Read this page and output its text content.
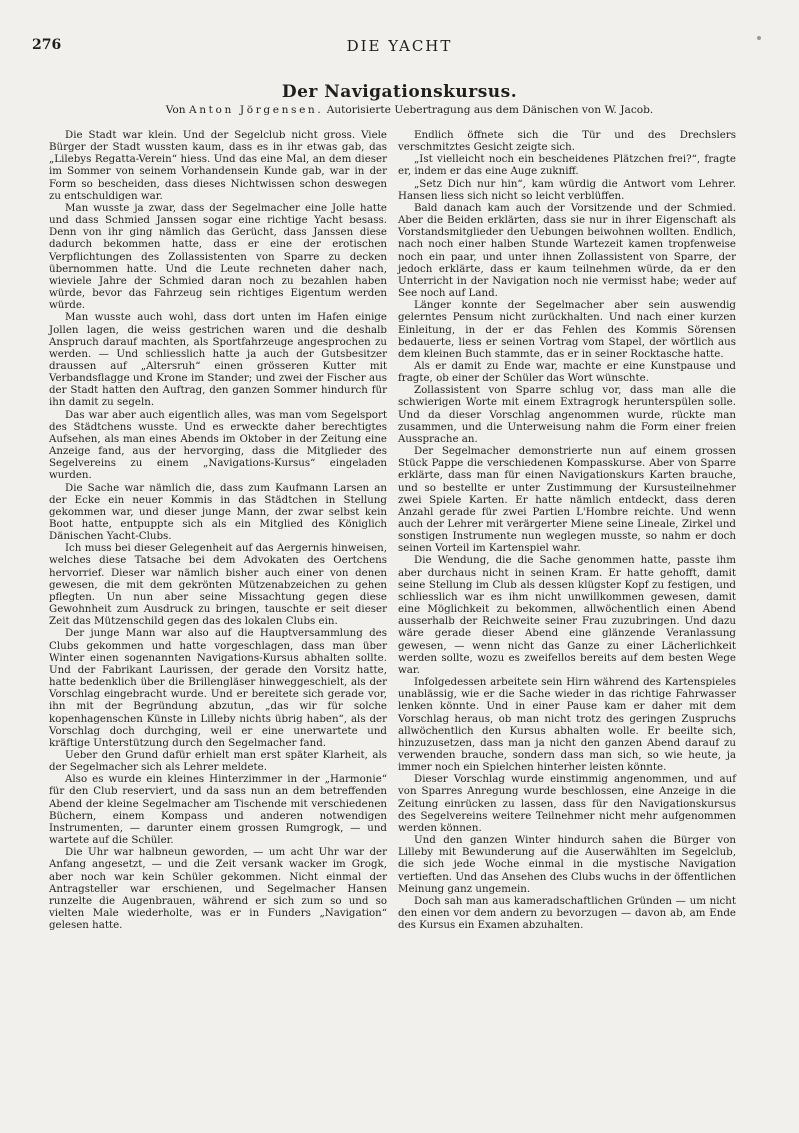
276	DIE YACHT
Der Navigationskursus.
Von Anton Jörgensen. Autorisierte Uebertragung aus dem Dänischen von W. Jacob.

Die Stadt war klein. Und der Segelclub nicht gross. Viele Bürger der Stadt wussten kaum, dass es in ihr etwas gab, das „Lilebys Regatta-Verein“ hiess. Und das eine Mal, an dem dieser im Sommer von seinem Vorhandensein Kunde gab, war in der Form so bescheiden, dass dieses Nichtwissen schon deswegen zu entschuldigen war.

Man wusste ja zwar, dass der Segelmacher eine Jolle hatte und dass Schmied Janssen sogar eine richtige Yacht besass. Denn von ihr ging nämlich das Gerücht, dass Janssen diese dadurch bekommen hatte, dass er eine der erotischen Verpflichtungen des Zollassistenten von Sparre zu decken übernommen hatte. Und die Leute rechneten daher nach, wieviele Jahre der Schmied daran noch zu bezahlen haben würde, bevor das Fahrzeug sein richtiges Eigentum werden würde.

Man wusste auch wohl, dass dort unten im Hafen einige Jollen lagen, die weiss gestrichen waren und die deshalb Anspruch darauf machten, als Sportfahrzeuge angesprochen zu werden. — Und schliesslich hatte ja auch der Gutsbesitzer draussen auf „Altersruh“ einen grösseren Kutter mit Verbandsflagge und Krone im Stander; und zwei der Fischer aus der Stadt hatten den Auftrag, den ganzen Sommer hindurch für ihn damit zu segeln.

Das war aber auch eigentlich alles, was man vom Segelsport des Städtchens wusste. Und es erweckte daher berechtigtes Aufsehen, als man eines Abends im Oktober in der Zeitung eine Anzeige fand, aus der hervorging, dass die Mitglieder des Segelvereins zu einem „Navigations-Kursus“ eingeladen wurden.

Die Sache war nämlich die, dass zum Kaufmann Larsen an der Ecke ein neuer Kommis in das Städtchen in Stellung gekommen war, und dieser junge Mann, der zwar selbst kein Boot hatte, entpuppte sich als ein Mitglied des Königlich Dänischen Yacht-Clubs.

Ich muss bei dieser Gelegenheit auf das Aergernis hinweisen, welches diese Tatsache bei dem Advokaten des Oertchens hervorrief. Dieser war nämlich bisher auch einer von denen gewesen, die mit dem gekrönten Mützenabzeichen zu gehen pflegten. Un nun aber seine Missachtung gegen diese Gewohnheit zum Ausdruck zu bringen, tauschte er seit dieser Zeit das Mützenschild gegen das des lokalen Clubs ein.

Der junge Mann war also auf die Hauptversammlung des Clubs gekommen und hatte vorgeschlagen, dass man über Winter einen sogenannten Navigations-Kursus abhalten sollte. Und der Fabrikant Laurissen, der gerade den Vorsitz hatte, hatte bedenklich über die Brillengläser hinweggeschielt, als der Vorschlag eingebracht wurde. Und er bereitete sich gerade vor, ihn mit der Begründung abzutun, „das wir für solche kopenhagenschen Künste in Lilleby nichts übrig haben“, als der Vorschlag doch durchging, weil er eine unerwartete und kräftige Unterstützung durch den Segelmacher fand.

Ueber den Grund dafür erhielt man erst später Klarheit, als der Segelmacher sich als Lehrer meldete.

Also es wurde ein kleines Hinterzimmer in der „Harmonie“ für den Club reserviert, und da sass nun an dem betreffenden Abend der kleine Segelmacher am Tischende mit verschiedenen Büchern, einem Kompass und anderen notwendigen Instrumenten, — darunter einem grossen Rumgrogk, — und wartete auf die Schüler.

Die Uhr war halbneun geworden, — um acht Uhr war der Anfang angesetzt, — und die Zeit versank wacker im Grogk, aber noch war kein Schüler gekommen. Nicht einmal der Antragsteller war erschienen, und Segelmacher Hansen runzelte die Augenbrauen, während er sich zum so und so vielten Male wiederholte, was er in Funders „Navigation“ gelesen hatte.

Endlich öffnete sich die Tür und des Drechslers verschmitztes Gesicht zeigte sich.

„Ist vielleicht noch ein bescheidenes Plätzchen frei?“, fragte er, indem er das eine Auge zukniff.

„Setz Dich nur hin“, kam würdig die Antwort vom Lehrer. Hansen liess sich nicht so leicht verblüffen.

Bald danach kam auch der Vorsitzende und der Schmied. Aber die Beiden erklärten, dass sie nur in ihrer Eigenschaft als Vorstandsmitglieder den Uebungen beiwohnen wollten. Endlich, nach noch einer halben Stunde Wartezeit kamen tropfenweise noch ein paar, und unter ihnen Zollassistent von Sparre, der jedoch erklärte, dass er kaum teilnehmen würde, da er den Unterricht in der Navigation noch nie vermisst habe; weder auf See noch auf Land.

Länger konnte der Segelmacher aber sein auswendig gelerntes Pensum nicht zurückhalten. Und nach einer kurzen Einleitung, in der er das Fehlen des Kommis Sörensen bedauerte, liess er seinen Vortrag vom Stapel, der wörtlich aus dem kleinen Buch stammte, das er in seiner Rocktasche hatte.

Als er damit zu Ende war, machte er eine Kunstpause und fragte, ob einer der Schüler das Wort wünschte.

Zollassistent von Sparre schlug vor, dass man alle die schwierigen Worte mit einem Extragrogk herunterspülen solle. Und da dieser Vorschlag angenommen wurde, rückte man zusammen, und die Unterweisung nahm die Form einer freien Aussprache an.

Der Segelmacher demonstrierte nun auf einem grossen Stück Pappe die verschiedenen Kompasskurse. Aber von Sparre erklärte, dass man für einen Navigationskurs Karten brauche, und so bestellte er unter Zustimmung der Kursusteilnehmer zwei Spiele Karten. Er hatte nämlich entdeckt, dass deren Anzahl gerade für zwei Partien L'Hombre reichte. Und wenn auch der Lehrer mit verärgerter Miene seine Lineale, Zirkel und sonstigen Instrumente nun weglegen musste, so nahm er doch seinen Vorteil im Kartenspiel wahr.

Die Wendung, die die Sache genommen hatte, passte ihm aber durchaus nicht in seinen Kram. Er hatte gehofft, damit seine Stellung im Club als dessen klügster Kopf zu festigen, und schliesslich war es ihm nicht unwillkommen gewesen, damit eine Möglichkeit zu bekommen, allwöchentlich einen Abend ausserhalb der Reichweite seiner Frau zuzubringen. Und dazu wäre gerade dieser Abend eine glänzende Veranlassung gewesen, — wenn nicht das Ganze zu einer Lächerlichkeit werden sollte, wozu es zweifellos bereits auf dem besten Wege war.

Infolgedessen arbeitete sein Hirn während des Kartenspieles unablässig, wie er die Sache wieder in das richtige Fahrwasser lenken könnte. Und in einer Pause kam er daher mit dem Vorschlag heraus, ob man nicht trotz des geringen Zuspruchs allwöchentlich den Kursus abhalten wolle. Er beeilte sich, hinzuzusetzen, dass man ja nicht den ganzen Abend darauf zu verwenden brauche, sondern dass man sich, so wie heute, ja immer noch ein Spielchen hinterher leisten könnte.

Dieser Vorschlag wurde einstimmig angenommen, und auf von Sparres Anregung wurde beschlossen, eine Anzeige in die Zeitung einrücken zu lassen, dass für den Navigationskursus des Segelvereins weitere Teilnehmer nicht mehr aufgenommen werden können.

Und den ganzen Winter hindurch sahen die Bürger von Lilleby mit Bewunderung auf die Auserwählten im Segelclub, die sich jede Woche einmal in die mystische Navigation vertieften. Und das Ansehen des Clubs wuchs in der öffentlichen Meinung ganz ungemein.

Doch sah man aus kameradschaftlichen Gründen — um nicht den einen vor dem andern zu bevorzugen — davon ab, am Ende des Kursus ein Examen abzuhalten.
